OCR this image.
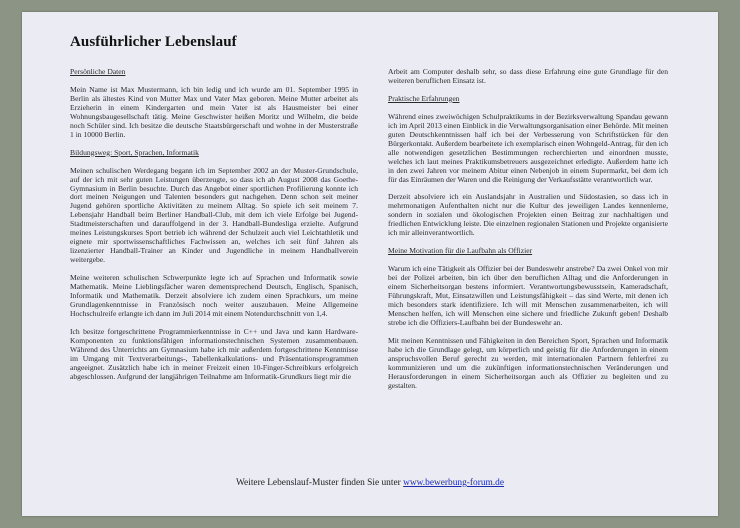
Ausführlicher Lebenslauf
Persönliche Daten

Mein Name ist Max Mustermann, ich bin ledig und ich wurde am 01. September 1995 in Berlin als ältestes Kind von Mutter Max und Vater Max geboren. Meine Mutter arbeitet als Erzieherin in einem Kindergarten und mein Vater ist als Hausmeister bei einer Wohnungsbaugesellschaft tätig. Meine Geschwister heißen Moritz und Wilhelm, die beide noch Schüler sind. Ich besitze die deutsche Staatsbürgerschaft und wohne in der Musterstraße 1 in 10000 Berlin.

Bildungsweg: Sport, Sprachen, Informatik

Meinen schulischen Werdegang begann ich im September 2002 an der Muster-Grundschule, auf der ich mit sehr guten Leistungen überzeugte, so dass ich ab August 2008 das Goethe-Gymnasium in Berlin besuchte. Durch das Angebot einer sportlichen Profilierung konnte ich dort meinen Neigungen und Talenten besonders gut nachgehen. Denn schon seit meiner Jugend gehören sportliche Aktivitäten zu meinem Alltag. So spiele ich seit meinem 7. Lebensjahr Handball beim Berliner Handball-Club, mit dem ich viele Erfolge bei Jugend-Stadtmeisterschaften und darauffolgend in der 3. Handball-Bundesliga erzielte. Aufgrund meines Leistungskurses Sport betrieb ich während der Schulzeit auch viel Leichtathletik und eignete mir sportwissenschaftliches Fachwissen an, welches ich seit fünf Jahren als lizenzierter Handball-Trainer an Kinder und Jugendliche in meinem Handballverein weitergebe.

Meine weiteren schulischen Schwerpunkte legte ich auf Sprachen und Informatik sowie Mathematik. Meine Lieblingsfächer waren dementsprechend Deutsch, Englisch, Spanisch, Informatik und Mathematik. Derzeit absolviere ich zudem einen Sprachkurs, um meine Grundlagenkenntnisse in Französisch noch weiter auszubauen. Meine Allgemeine Hochschulreife erlangte ich dann im Juli 2014 mit einem Notendurchschnitt von 1,4.

Ich besitze fortgeschrittene Programmierkenntnisse in C++ und Java und kann Hardware-Komponenten zu funktionsfähigen informationstechnischen Systemen zusammenbauen. Während des Unterrichts am Gymnasium habe ich mir außerdem fortgeschrittene Kenntnisse im Umgang mit Textverarbeitungs-, Tabellenkalkulations- und Präsentationsprogrammen angeeignet. Zusätzlich habe ich in meiner Freizeit einen 10-Finger-Schreibkurs erfolgreich abgeschlossen. Aufgrund der langjährigen Teilnahme am Informatik-Grundkurs liegt mir die

Arbeit am Computer deshalb sehr, so dass diese Erfahrung eine gute Grundlage für den weiteren beruflichen Einsatz ist.

Praktische Erfahrungen

Während eines zweiwöchigen Schulpraktikums in der Bezirksverwaltung Spandau gewann ich im April 2013 einen Einblick in die Verwaltungsorganisation einer Behörde. Mit meinen guten Deutschkenntnissen half ich bei der Verbesserung von Schriftstücken für den Bürgerkontakt. Außerdem bearbeitete ich exemplarisch einen Wohngeld-Antrag, für den ich alle notwendigen gesetzlichen Bestimmungen recherchierten und einordnen musste, welches ich laut meines Praktikumsbetreuers ausgezeichnet erledigte. Außerdem hatte ich in den zwei Jahren vor meinem Abitur einen Nebenjob in einem Supermarkt, bei dem ich für das Einräumen der Waren und die Reinigung der Verkaufsstätte verantwortlich war.

Derzeit absolviere ich ein Auslandsjahr in Australien und Südostasien, so dass ich in mehrmonatigen Aufenthalten nicht nur die Kultur des jeweiligen Landes kennenlerne, sondern in sozialen und ökologischen Projekten einen Beitrag zur nachhaltigen und friedlichen Entwicklung leiste. Die einzelnen regionalen Stationen und Projekte organisierte ich mir alleinverantwortlich.

Meine Motivation für die Laufbahn als Offizier

Warum ich eine Tätigkeit als Offizier bei der Bundeswehr anstrebe? Da zwei Onkel von mir bei der Polizei arbeiten, bin ich über den beruflichen Alltag und die Anforderungen in einem Sicherheitsorgan bestens informiert. Verantwortungsbewusstsein, Kameradschaft, Führungskraft, Mut, Einsatzwillen und Leistungsfähigkeit – das sind Werte, mit denen ich mich besonders stark identifiziere. Ich will mit Menschen zusammenarbeiten, ich will Menschen helfen, ich will Menschen eine sichere und friedliche Zukunft geben! Deshalb strebe ich die Offiziers-Laufbahn bei der Bundeswehr an.

Mit meinen Kenntnissen und Fähigkeiten in den Bereichen Sport, Sprachen und Informatik habe ich die Grundlage gelegt, um körperlich und geistig für die Anforderungen in einem anspruchsvollen Beruf gerecht zu werden, mit internationalen Partnern fehlerfrei zu kommunizieren und um die zukünftigen informationstechnischen Veränderungen und Herausforderungen in einem Sicherheitsorgan auch als Offizier zu begleiten und zu gestalten.

Weitere Lebenslauf-Muster finden Sie unter www.bewerbung-forum.de
